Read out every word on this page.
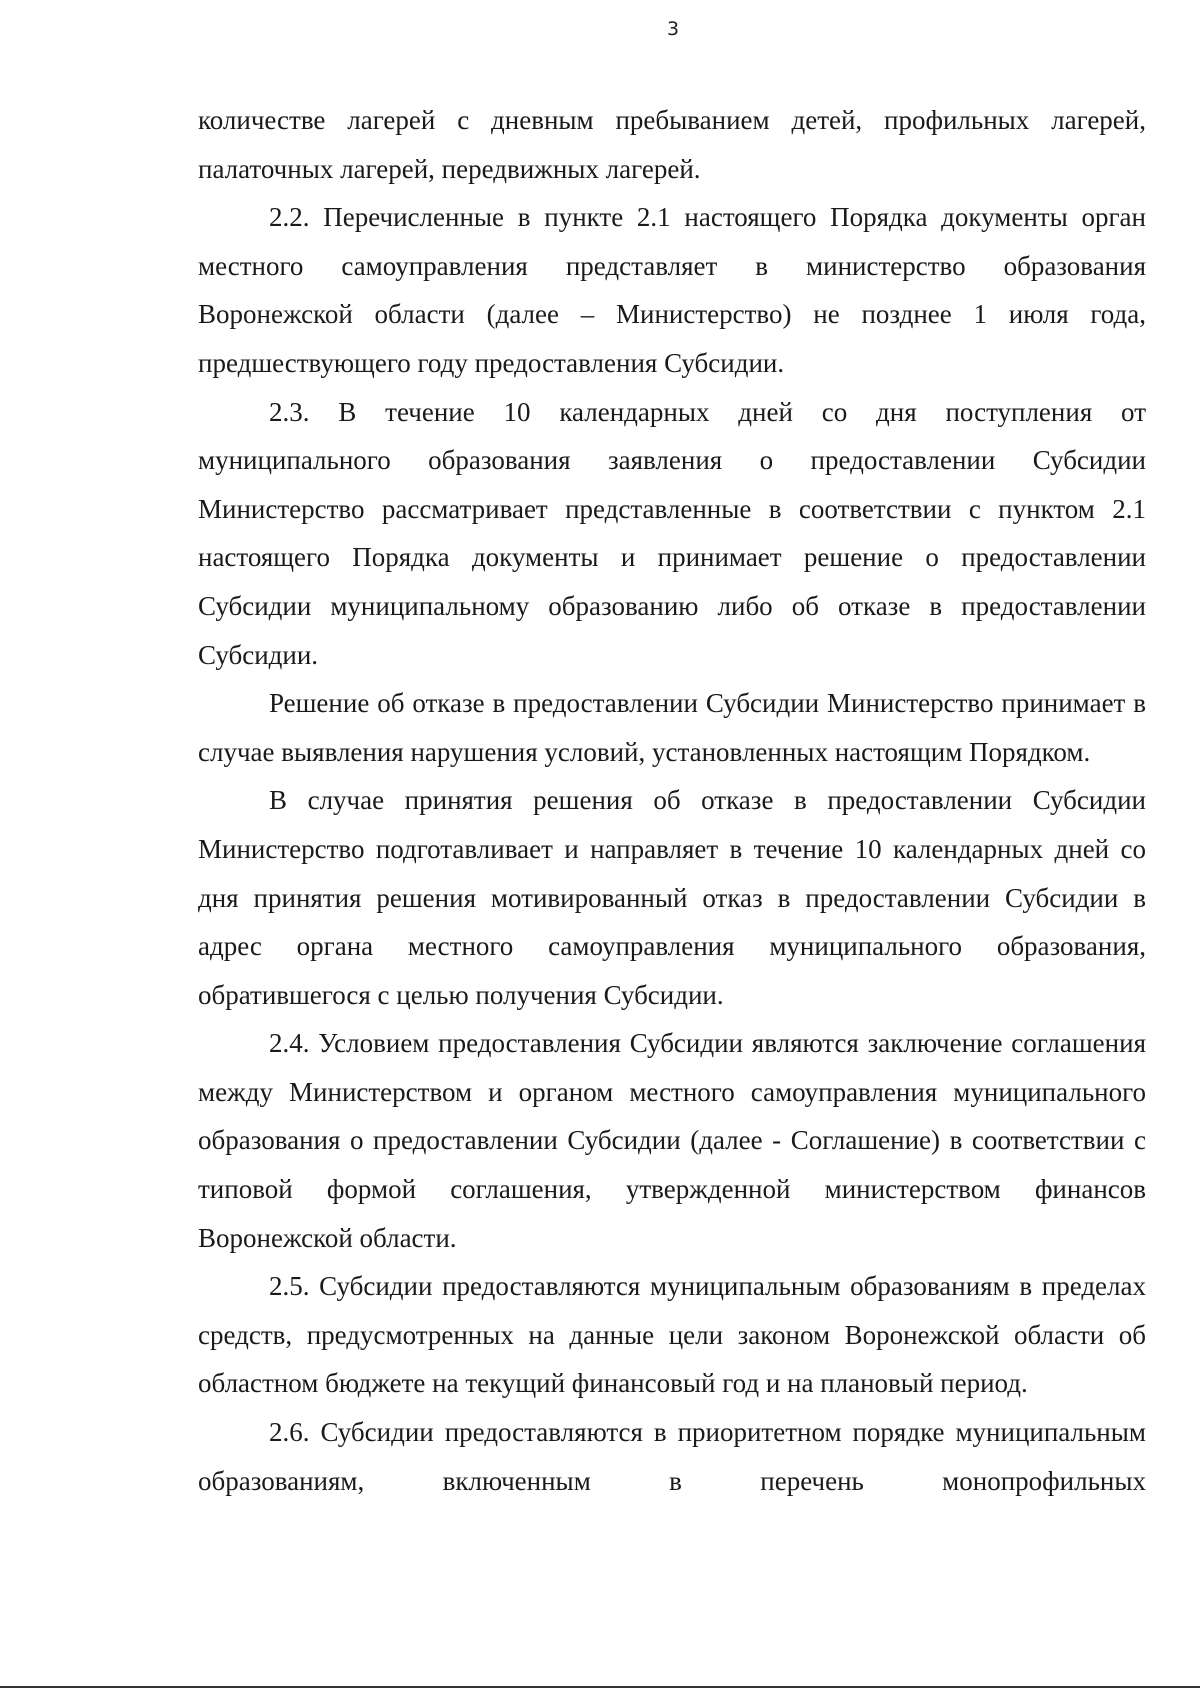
3

количестве лагерей с дневным пребыванием детей, профильных лагерей, палаточных лагерей, передвижных лагерей.

2.2. Перечисленные в пункте 2.1 настоящего Порядка документы орган местного самоуправления представляет в министерство образования Воронежской области (далее – Министерство) не позднее 1 июля года, предшествующего году предоставления Субсидии.

2.3. В течение 10 календарных дней со дня поступления от муниципального образования заявления о предоставлении Субсидии Министерство рассматривает представленные в соответствии с пунктом 2.1 настоящего Порядка документы и принимает решение о предоставлении Субсидии муниципальному образованию либо об отказе в предоставлении Субсидии.

Решение об отказе в предоставлении Субсидии Министерство принимает в случае выявления нарушения условий, установленных настоящим Порядком.

В случае принятия решения об отказе в предоставлении Субсидии Министерство подготавливает и направляет в течение 10 календарных дней со дня принятия решения мотивированный отказ в предоставлении Субсидии в адрес органа местного самоуправления муниципального образования, обратившегося с целью получения Субсидии.

2.4. Условием предоставления Субсидии являются заключение соглашения между Министерством и органом местного самоуправления муниципального образования о предоставлении Субсидии (далее - Соглашение) в соответствии с типовой формой соглашения, утвержденной министерством финансов Воронежской области.

2.5. Субсидии предоставляются муниципальным образованиям в пределах средств, предусмотренных на данные цели законом Воронежской области об областном бюджете на текущий финансовый год и на плановый период.

2.6. Субсидии предоставляются в приоритетном порядке муниципальным образованиям, включенным в перечень монопрофильных
